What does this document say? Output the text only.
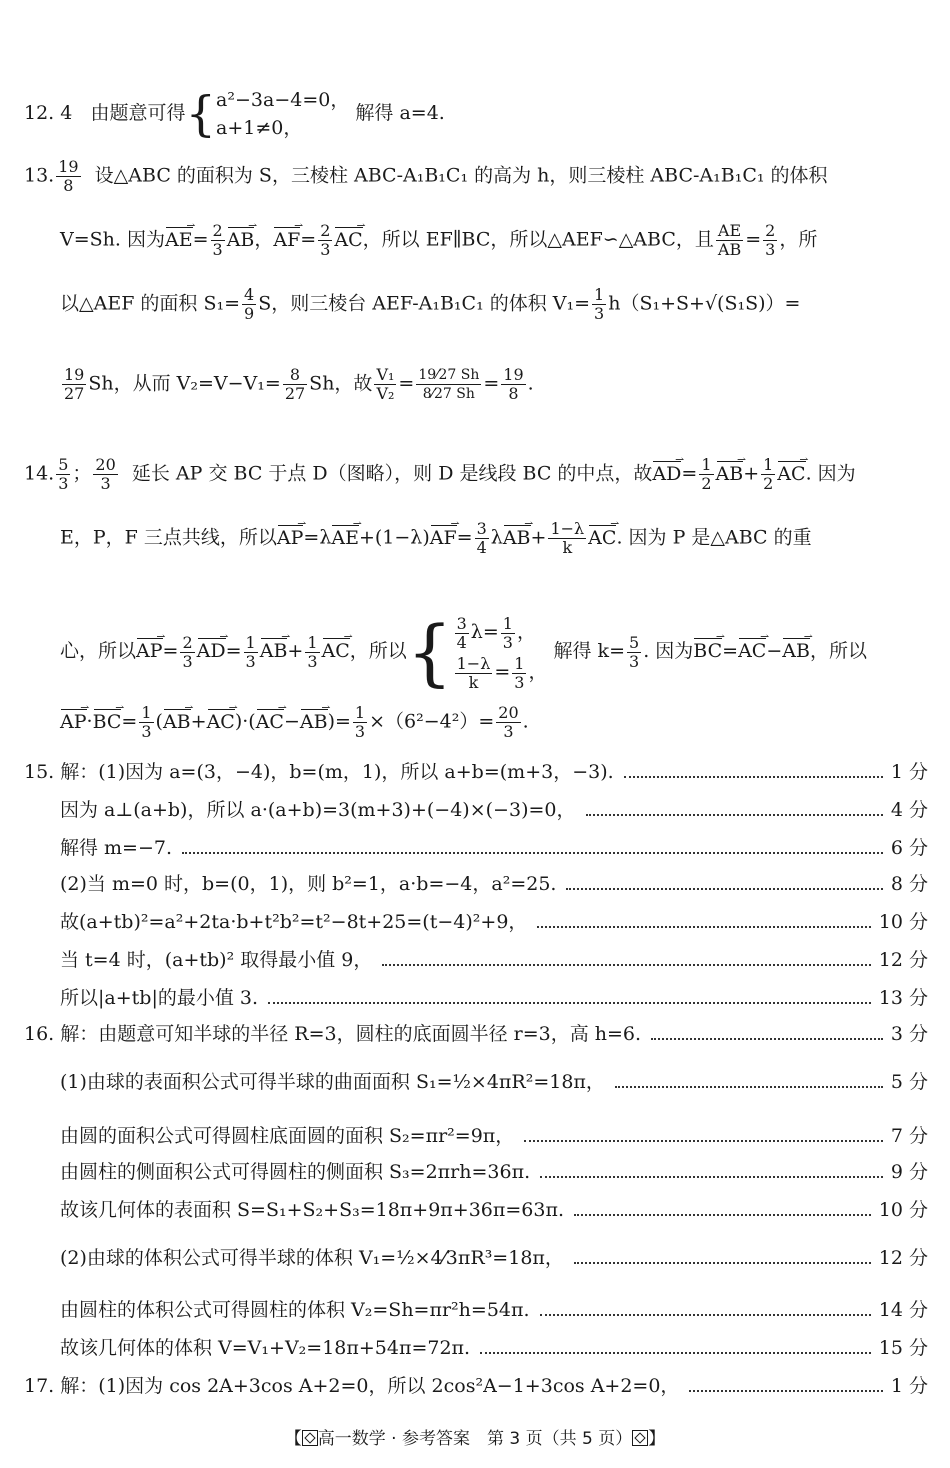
12. 4 由题意可得{ a²−3a−4=0，
a+1≠0，
解得 a=4.
13. $\frac{19}{8}$ 设△ABC 的面积为 S，三棱柱 ABC-A₁B₁C₁ 的高为 h，则三棱柱 ABC-A₁B₁C₁ 的体积
V=Sh. 因为⇀ $AE= \frac{2}{3}$ ⇀ AB，⇀ $AF= \frac{2}{3}$ ⇀ AC，所以 EF∥BC，所以△AEF∽△ABC，且 $\frac{AE}{AB} = \frac{2}{3}$ ，所
以△AEF 的面积 $S_1= \frac{4}{9}$ S，则三棱台 AEF-A₁B₁C₁ 的体积 $V_1= \frac{1}{3} h(S_1+S+√(S_1S))=$
$\frac{19}{27}$ Sh，从而 $V_2=V-V_1= \frac{8}{27}$ Sh，故 $\frac{\text{V₁}}{\text{V₂}} = \frac{19⁄27 Sh}{8⁄27 Sh} = \frac{19}{8}$ .
14. $\frac{5}{3}$ ； $\frac{20}{3}$ 延长 AP 交 BC 于点 D（图略），则 D 是线段 BC 的中点，故⇀ $AD= \frac{1}{2}$ ⇀ $AB+ \frac{1}{2}$ ⇀ AC. 因为
E，P，F 三点共线，所以⇀ AP=λ⇀ AE+(1−λ)⇀ $AF= \frac{3}{4}$ λ⇀ $AB+ \frac{1-\lambda}{k}$ ⇀ AC. 因为 P 是△ABC 的重
心，所以⇀ $AP= \frac{2}{3}$ ⇀ $AD= \frac{1}{3}$ ⇀ $AB+ \frac{1}{3}$ ⇀ AC，所以{ $\frac{3}{4} \lambda= \frac{1}{3}$ ，
$\frac{1-\lambda}{k} = \frac{1}{3}$ ，
解得 $k= \frac{5}{3}$ . 因为⇀ BC=⇀ AC−⇀ AB，所以
⇀ AP·⇀ $BC= \frac{1}{3}$ (⇀ AB+⇀ AC)·(⇀ AC−⇀ $AB)= \frac{1}{3} \times(6^2-4^2)= \frac{20}{3}$ .
15. 解：(1)因为 a=(3，−4)，b=(m，1)，所以 a+b=(m+3，−3).	1 分
因为 a⊥(a+b)，所以 a·(a+b)=3(m+3)+(−4)×(−3)=0，	4 分
解得 m=−7.	6 分
(2)当 m=0 时，b=(0，1)，则 b²=1，a·b=−4，a²=25.	8 分
故(a+tb)²=a²+2ta·b+t²b²=t²−8t+25=(t−4)²+9，	10 分
当 t=4 时，(a+tb)² 取得最小值 9，	12 分
所以|a+tb|的最小值 3.	13 分
16. 解：由题意可知半球的半径 R=3，圆柱的底面圆半径 r=3，高 h=6.	3 分
(1)由球的表面积公式可得半球的曲面面积 S₁=½×4πR²=18π，	5 分
由圆的面积公式可得圆柱底面圆的面积 S₂=πr²=9π，	7 分
由圆柱的侧面积公式可得圆柱的侧面积 S₃=2πrh=36π.	9 分
故该几何体的表面积 S=S₁+S₂+S₃=18π+9π+36π=63π.	10 分
(2)由球的体积公式可得半球的体积 V₁=½×4⁄3πR³=18π，	12 分
由圆柱的体积公式可得圆柱的体积 V₂=Sh=πr²h=54π.	14 分
故该几何体的体积 V=V₁+V₂=18π+54π=72π.	15 分
17. 解：(1)因为 cos 2A+3cos A+2=0，所以 2cos²A−1+3cos A+2=0，	1 分
【 高一数学 · 参考答案　第 3 页（共 5 页） 】
